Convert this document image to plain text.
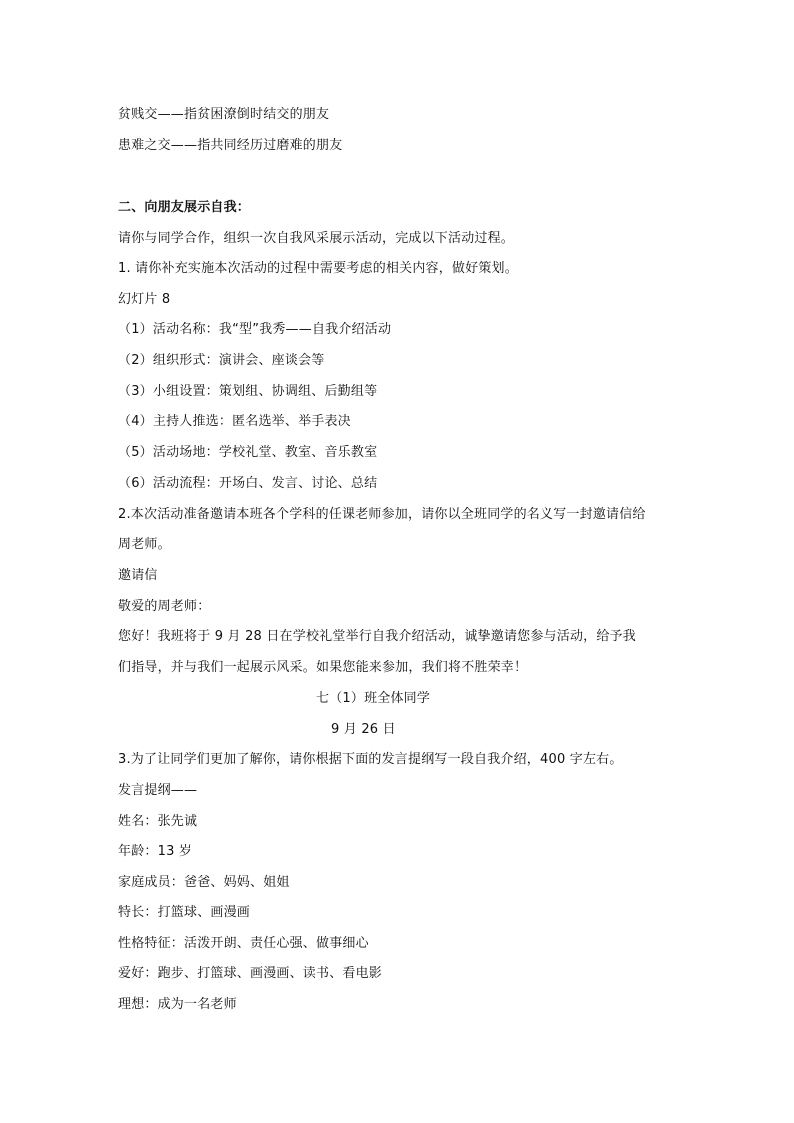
贫贱交——指贫困潦倒时结交的朋友
患难之交——指共同经历过磨难的朋友
二、向朋友展示自我：
请你与同学合作，组织一次自我风采展示活动，完成以下活动过程。
1. 请你补充实施本次活动的过程中需要考虑的相关内容，做好策划。
幻灯片 8
（1）活动名称：我“型”我秀——自我介绍活动
（2）组织形式：演讲会、座谈会等
（3）小组设置：策划组、协调组、后勤组等
（4）主持人推选：匿名选举、举手表决
（5）活动场地：学校礼堂、教室、音乐教室
（6）活动流程：开场白、发言、讨论、总结
2.本次活动准备邀请本班各个学科的任课老师参加，请你以全班同学的名义写一封邀请信给
周老师。
邀请信
敬爱的周老师：
您好！我班将于 9 月 28 日在学校礼堂举行自我介绍活动，诚挚邀请您参与活动，给予我
们指导，并与我们一起展示风采。如果您能来参加，我们将不胜荣幸！
七（1）班全体同学
9 月 26 日
3.为了让同学们更加了解你，请你根据下面的发言提纲写一段自我介绍，400 字左右。
发言提纲——
姓名：张先诚
年龄：13 岁
家庭成员：爸爸、妈妈、姐姐
特长：打篮球、画漫画
性格特征：活泼开朗、责任心强、做事细心
爱好：跑步、打篮球、画漫画、读书、看电影
理想：成为一名老师
